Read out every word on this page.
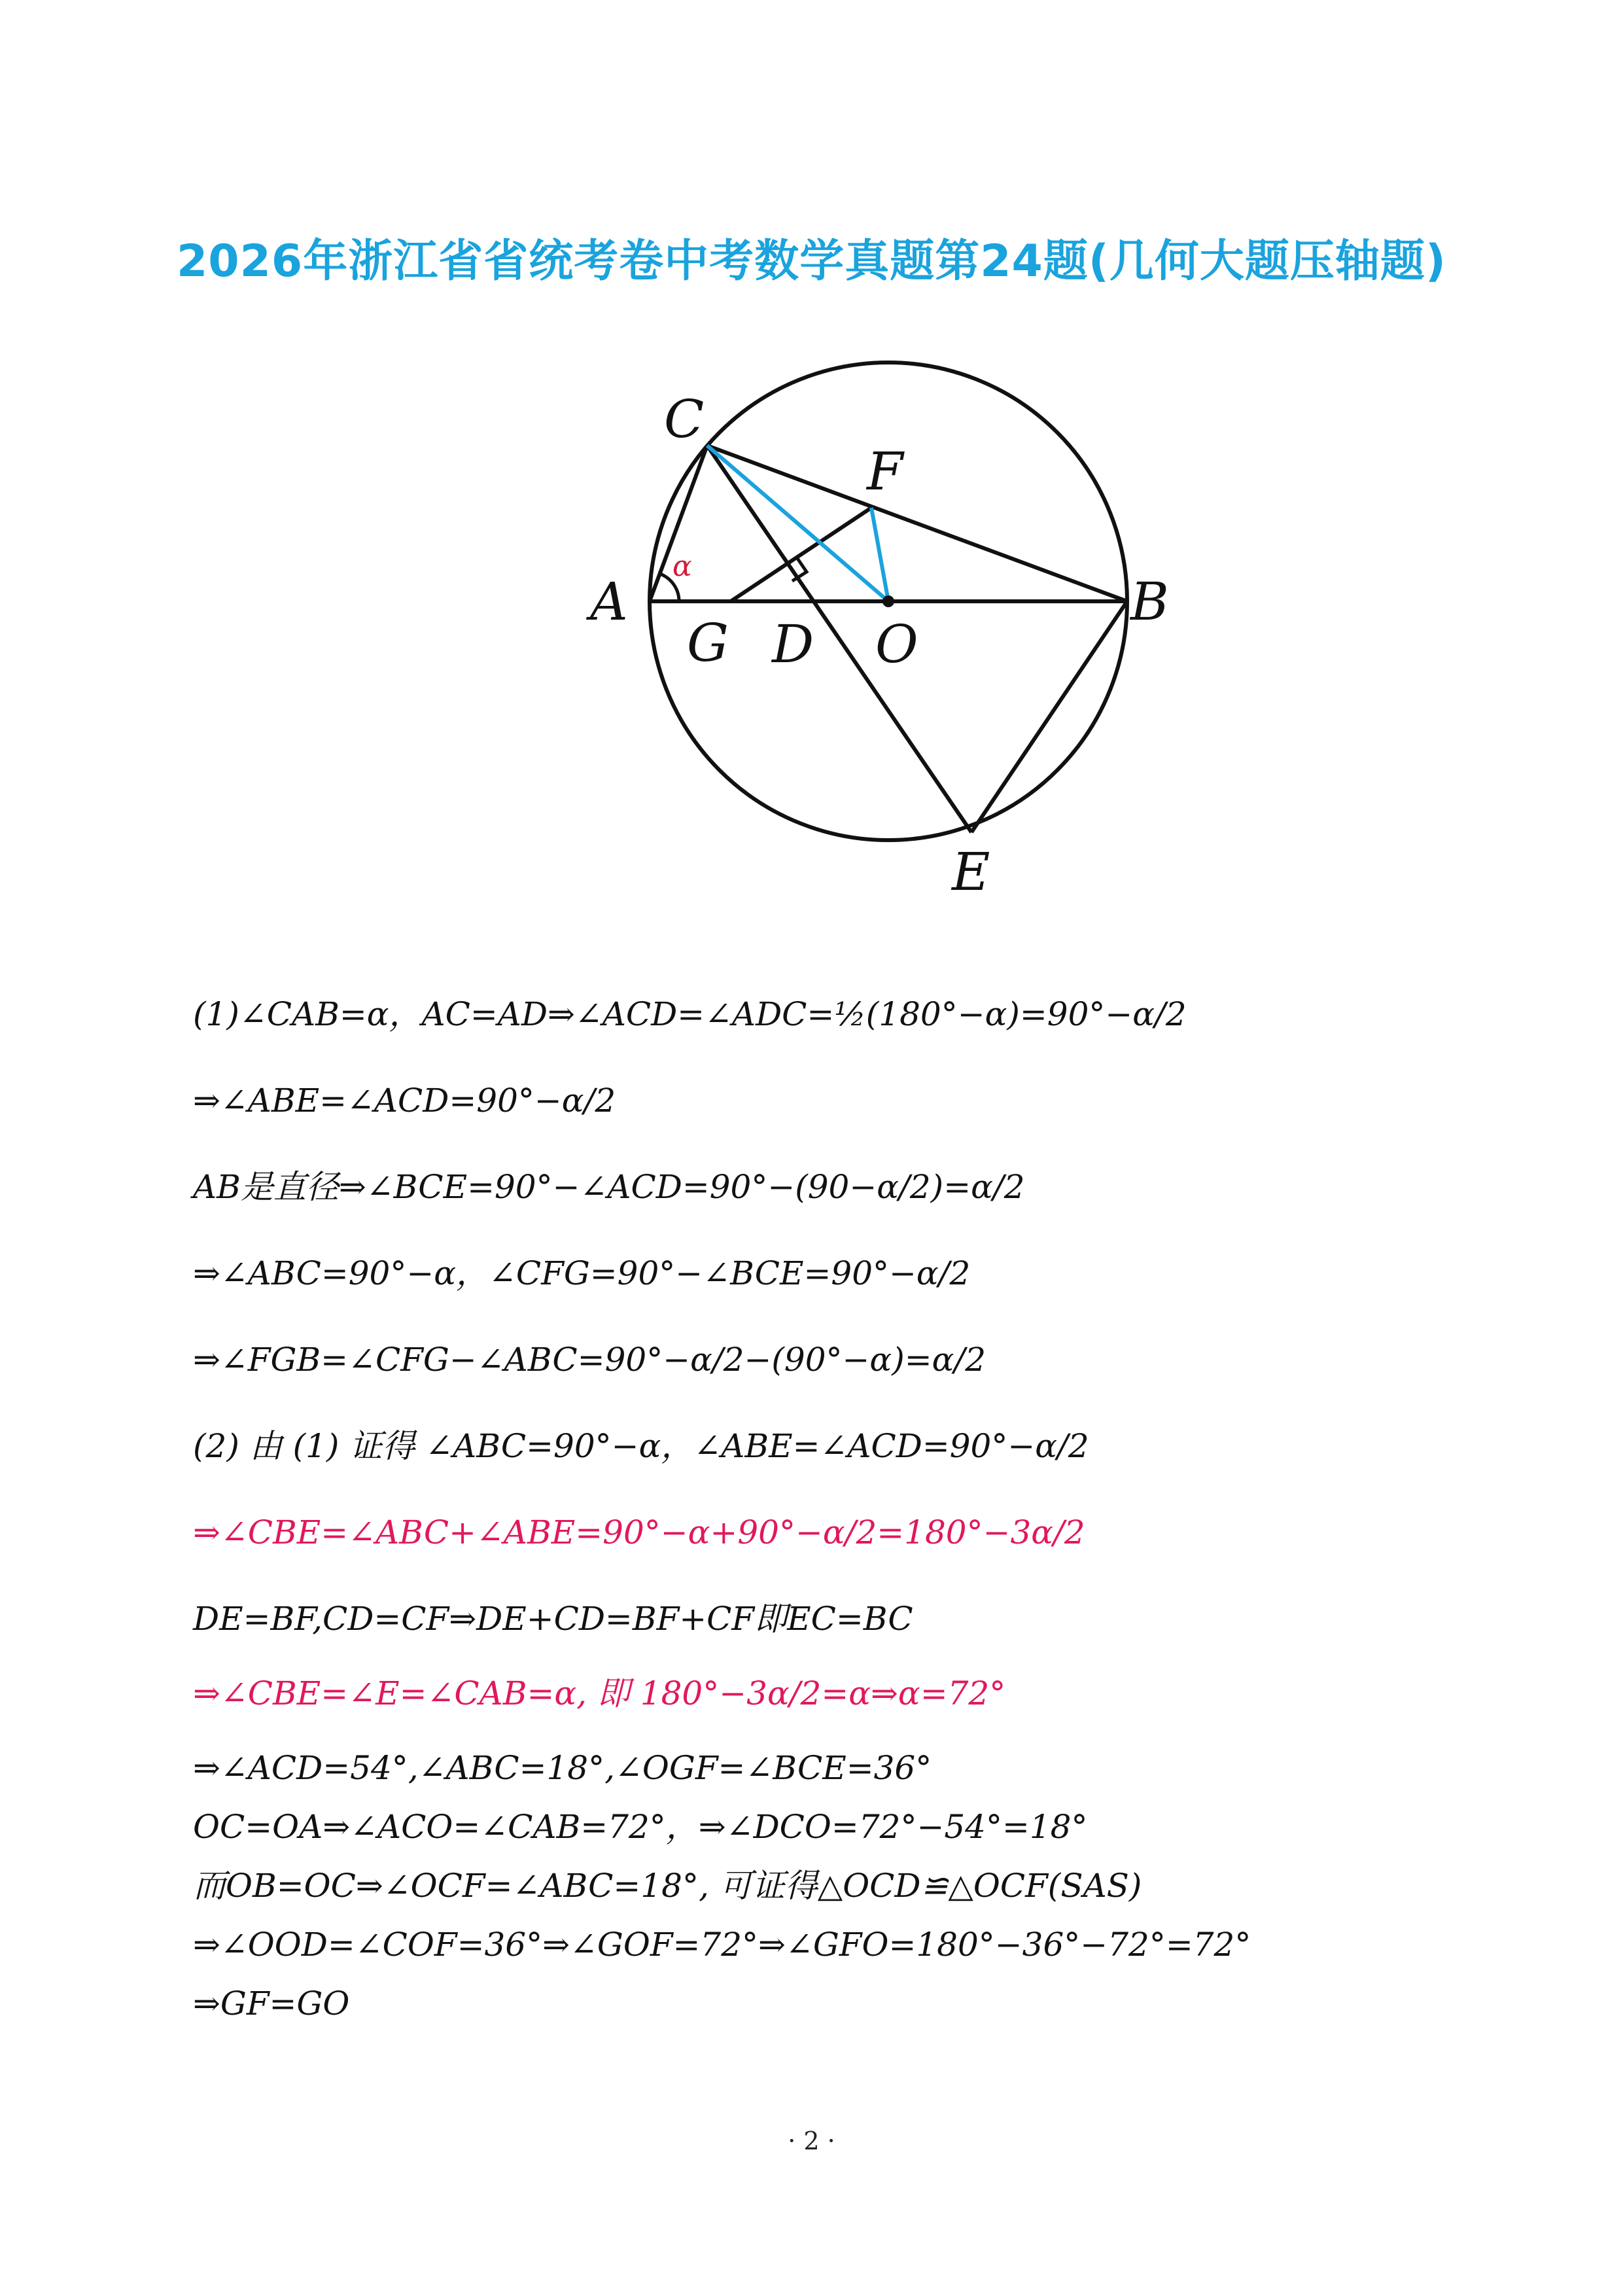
2026年浙江省省统考卷中考数学真题第24题(几何大题压轴题)
α
C
F
A	B
G D O
E
(1)∠CAB=α，AC=AD⇒∠ACD=∠ADC=½(180°−α)=90°−α/2
⇒∠ABE=∠ACD=90°−α/2
AB是直径⇒∠BCE=90°−∠ACD=90°−(90−α/2)=α/2
⇒∠ABC=90°−α，∠CFG=90°−∠BCE=90°−α/2
⇒∠FGB=∠CFG−∠ABC=90°−α/2−(90°−α)=α/2
(2) 由 (1) 证得 ∠ABC=90°−α，∠ABE=∠ACD=90°−α/2
⇒∠CBE=∠ABC+∠ABE=90°−α+90°−α/2=180°−3α/2
DE=BF,CD=CF⇒DE+CD=BF+CF即EC=BC
⇒∠CBE=∠E=∠CAB=α, 即 180°−3α/2=α⇒α=72°
⇒∠ACD=54°,∠ABC=18°,∠OGF=∠BCE=36°
OC=OA⇒∠ACO=∠CAB=72°，⇒∠DCO=72°−54°=18°
而OB=OC⇒∠OCF=∠ABC=18°, 可证得△OCD≌△OCF(SAS)
⇒∠OOD=∠COF=36°⇒∠GOF=72°⇒∠GFO=180°−36°−72°=72°
⇒GF=GO
· 2 ·
